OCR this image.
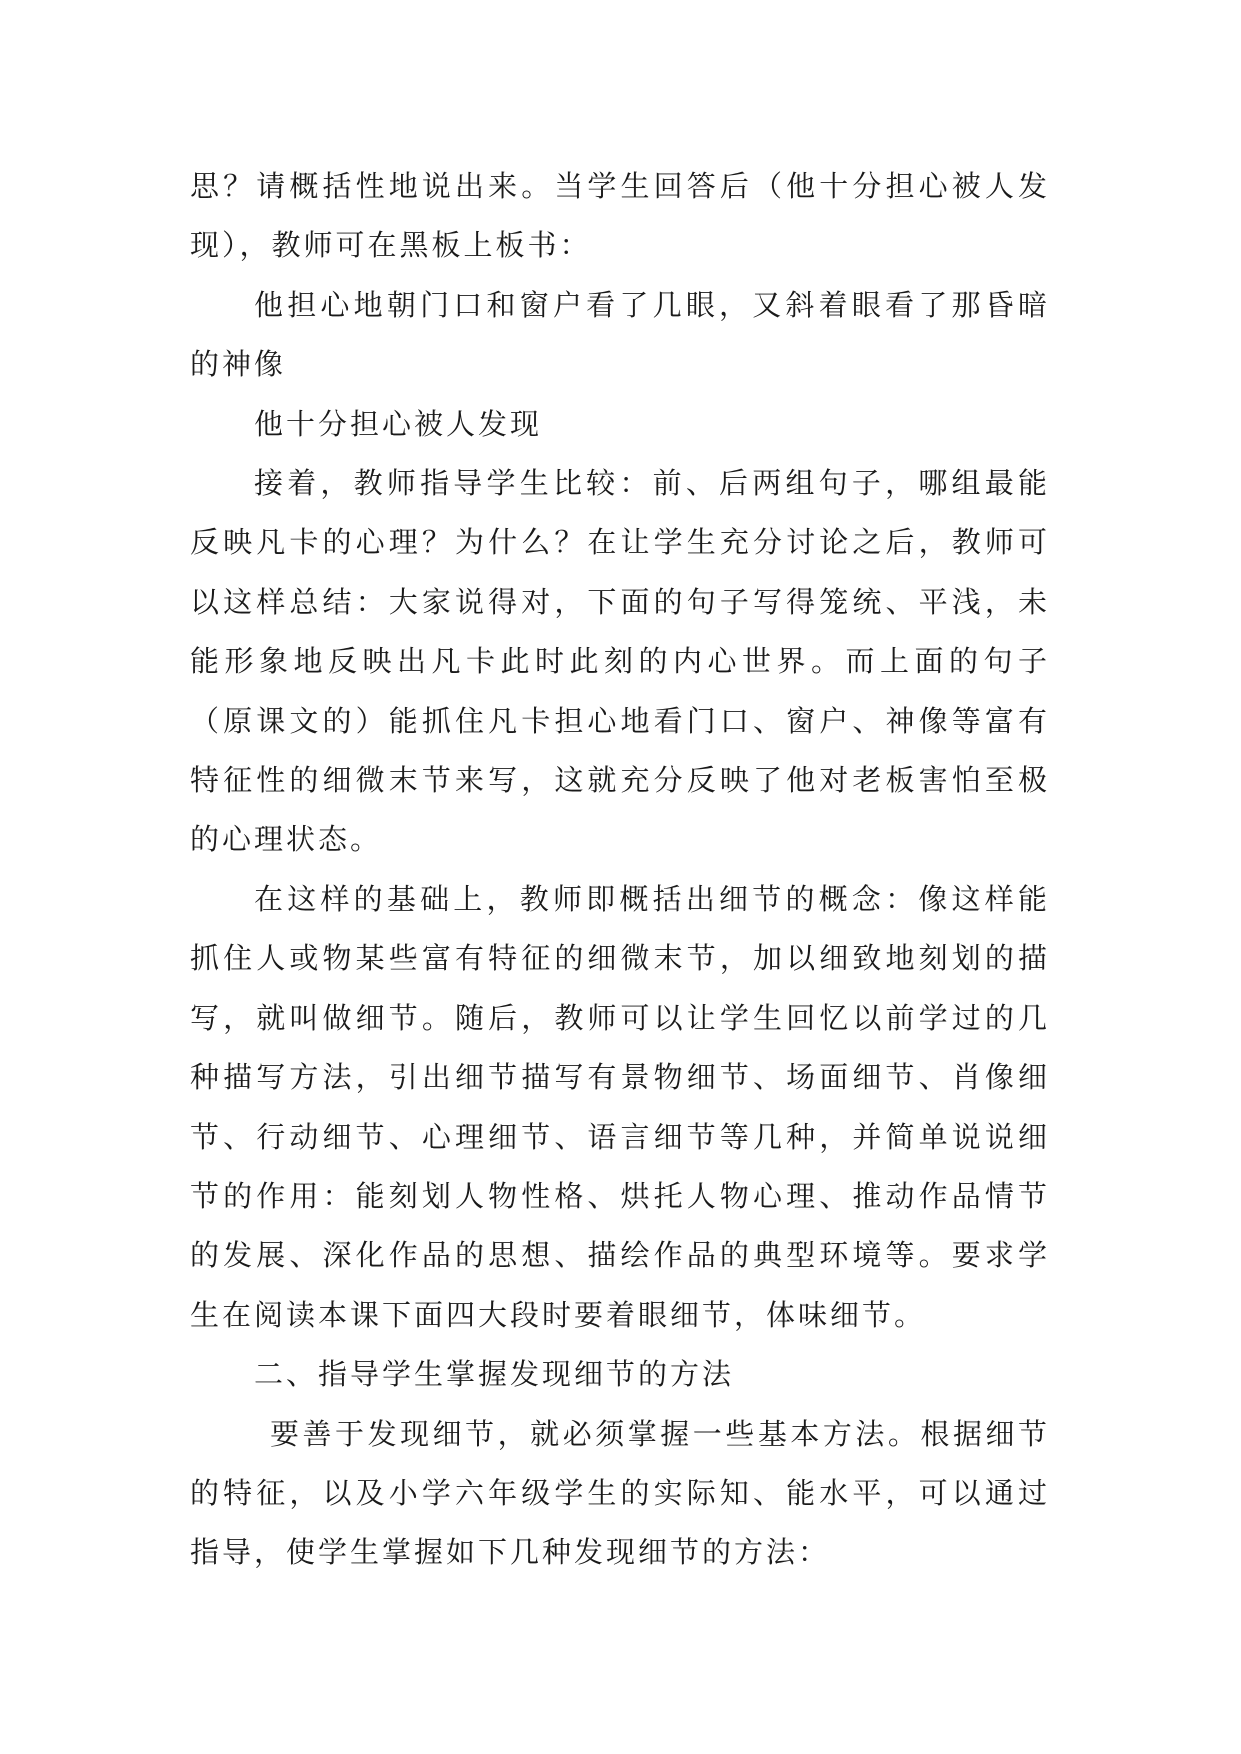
思？请概括性地说出来。当学生回答后（他十分担心被人发现），教师可在黑板上板书：

他担心地朝门口和窗户看了几眼，又斜着眼看了那昏暗的神像

他十分担心被人发现

接着，教师指导学生比较：前、后两组句子，哪组最能反映凡卡的心理？为什么？在让学生充分讨论之后，教师可以这样总结：大家说得对，下面的句子写得笼统、平浅，未能形象地反映出凡卡此时此刻的内心世界。而上面的句子（原课文的）能抓住凡卡担心地看门口、窗户、神像等富有特征性的细微末节来写，这就充分反映了他对老板害怕至极的心理状态。

在这样的基础上，教师即概括出细节的概念：像这样能抓住人或物某些富有特征的细微末节，加以细致地刻划的描写，就叫做细节。随后，教师可以让学生回忆以前学过的几种描写方法，引出细节描写有景物细节、场面细节、肖像细节、行动细节、心理细节、语言细节等几种，并简单说说细节的作用：能刻划人物性格、烘托人物心理、推动作品情节的发展、深化作品的思想、描绘作品的典型环境等。要求学生在阅读本课下面四大段时要着眼细节，体味细节。

二、指导学生掌握发现细节的方法

要善于发现细节，就必须掌握一些基本方法。根据细节的特征，以及小学六年级学生的实际知、能水平，可以通过指导，使学生掌握如下几种发现细节的方法：
